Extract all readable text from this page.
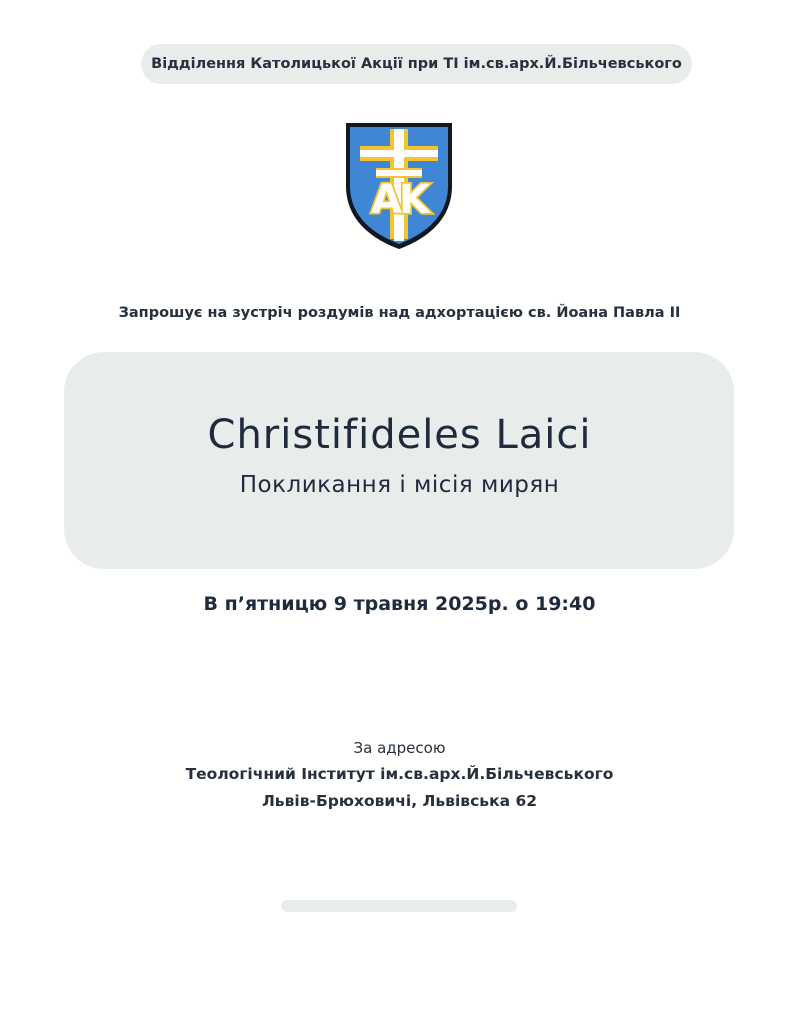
Відділення Католицької Акції при ТІ ім.св.арх.Й.Більчевського
AK
Запрошує на зустріч роздумів над адхортацією св. Йоана Павла ІІ
Christifideles Laici
Покликання і місія мирян
В п’ятницю 9 травня 2025р. о 19:40
За адресою
Теологічний Інститут ім.св.арх.Й.Більчевського
Львів-Брюховичі, Львівська 62
